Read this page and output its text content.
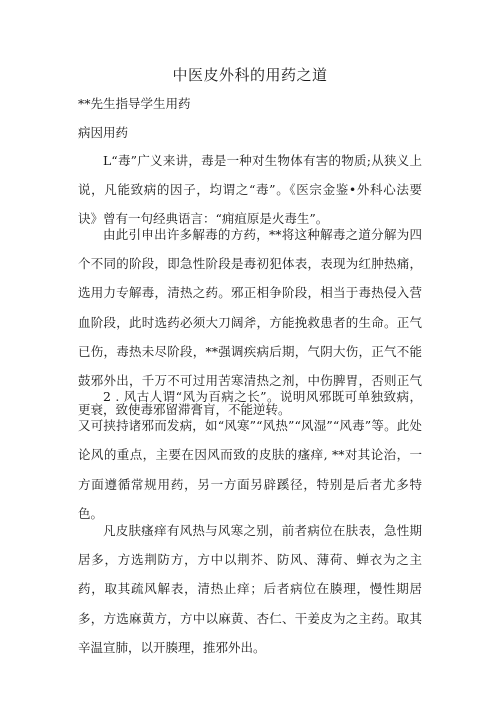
中医皮外科的用药之道
**先生指导学生用药
病因用药
L“毒”广义来讲，毒是一种对生物体有害的物质;从狭义上说，凡能致病的因子，均谓之“毒”。《医宗金鉴•外科心法要诀》曾有一句经典语言：“痈疽原是火毒生”。
由此引申出许多解毒的方药，**将这种解毒之道分解为四个不同的阶段，即急性阶段是毒初犯体表，表现为红肿热痛，选用力专解毒，清热之药。邪正相争阶段，相当于毒热侵入营血阶段，此时选药必须大刀阔斧，方能挽救患者的生命。正气已伤，毒热未尽阶段，**强调疾病后期，气阴大伤，正气不能鼓邪外出，千万不可过用苦寒清热之剂，中伤脾胃，否则正气更衰，致使毒邪留滞膏肓，不能逆转。
2 . 风古人谓“风为百病之长”。说明风邪既可单独致病，又可挟持诸邪而发病，如“风寒”“风热”“风湿”“风毒”等。此处论风的重点，主要在因风而致的皮肤的瘙痒, **对其论治，一方面遵循常规用药，另一方面另辟蹊径，特别是后者尤多特色。
凡皮肤瘙痒有风热与风寒之别，前者病位在肤表，急性期居多，方选荆防方，方中以荆芥、防风、薄荷、蝉衣为之主药，取其疏风解表，清热止痒；后者病位在腠理，慢性期居多，方选麻黄方，方中以麻黄、杏仁、干姜皮为之主药。取其辛温宣肺，以开腠理，推邪外出。
